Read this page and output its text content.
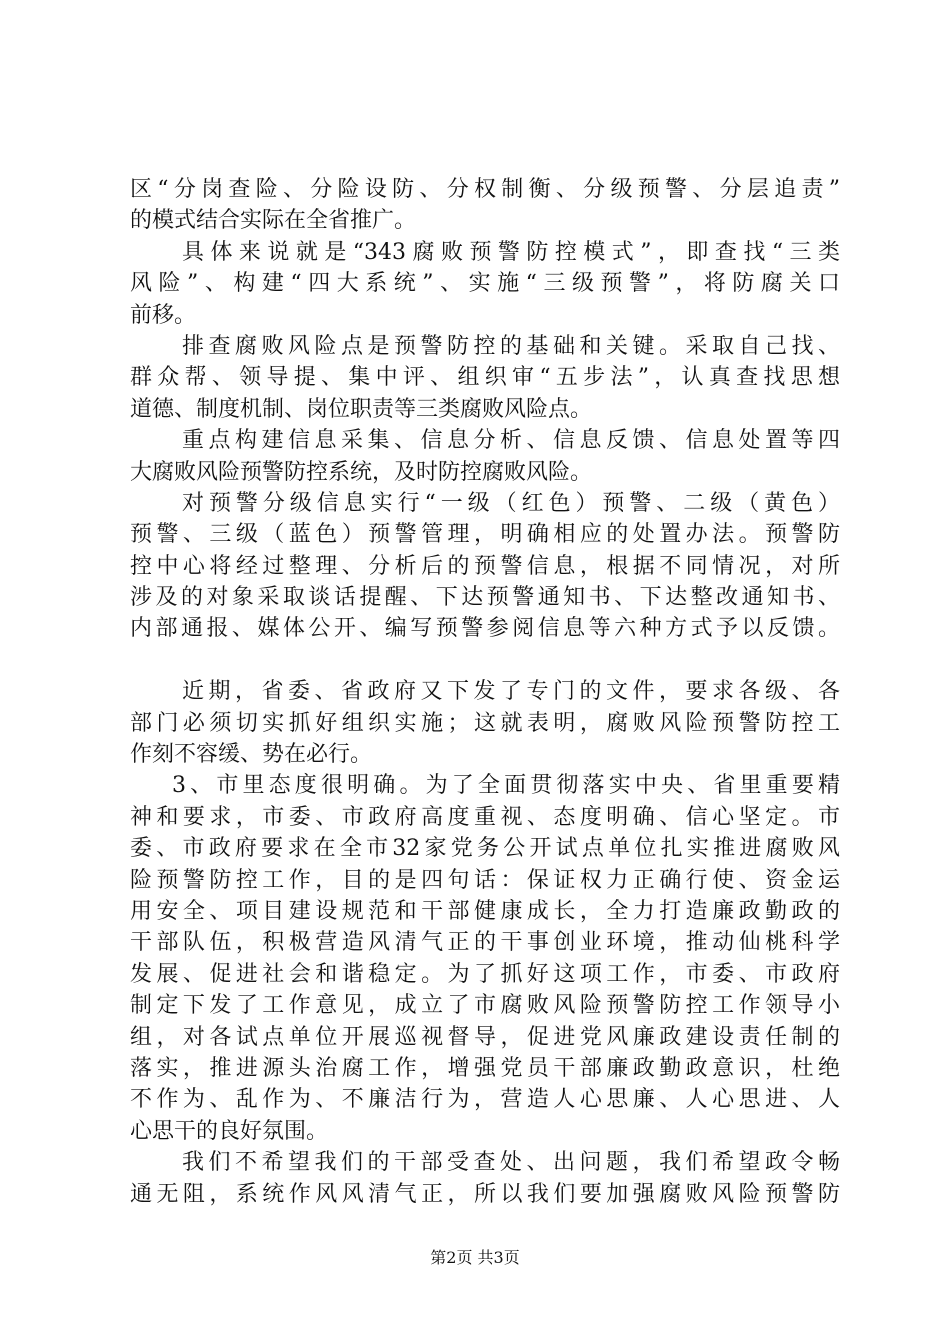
区“分岗查险、分险设防、分权制衡、分级预警、分层追责”
的模式结合实际在全省推广。
具体来说就是“343腐败预警防控模式”，即查找“三类
风险”、构建“四大系统”、实施“三级预警”，将防腐关口
前移。
排查腐败风险点是预警防控的基础和关键。采取自己找、
群众帮、领导提、集中评、组织审“五步法”，认真查找思想
道德、制度机制、岗位职责等三类腐败风险点。
重点构建信息采集、信息分析、信息反馈、信息处置等四
大腐败风险预警防控系统，及时防控腐败风险。
对预警分级信息实行“一级（红色）预警、二级（黄色）
预警、三级（蓝色）预警管理，明确相应的处置办法。预警防
控中心将经过整理、分析后的预警信息，根据不同情况，对所
涉及的对象采取谈话提醒、下达预警通知书、下达整改通知书、
内部通报、媒体公开、编写预警参阅信息等六种方式予以反馈。
近期，省委、省政府又下发了专门的文件，要求各级、各
部门必须切实抓好组织实施；这就表明，腐败风险预警防控工
作刻不容缓、势在必行。
3、市里态度很明确。为了全面贯彻落实中央、省里重要精
神和要求，市委、市政府高度重视、态度明确、信心坚定。市
委、市政府要求在全市32家党务公开试点单位扎实推进腐败风
险预警防控工作，目的是四句话：保证权力正确行使、资金运
用安全、项目建设规范和干部健康成长，全力打造廉政勤政的
干部队伍，积极营造风清气正的干事创业环境，推动仙桃科学
发展、促进社会和谐稳定。为了抓好这项工作，市委、市政府
制定下发了工作意见，成立了市腐败风险预警防控工作领导小
组，对各试点单位开展巡视督导，促进党风廉政建设责任制的
落实，推进源头治腐工作，增强党员干部廉政勤政意识，杜绝
不作为、乱作为、不廉洁行为，营造人心思廉、人心思进、人
心思干的良好氛围。
我们不希望我们的干部受查处、出问题，我们希望政令畅
通无阻，系统作风风清气正，所以我们要加强腐败风险预警防
第2页 共3页
